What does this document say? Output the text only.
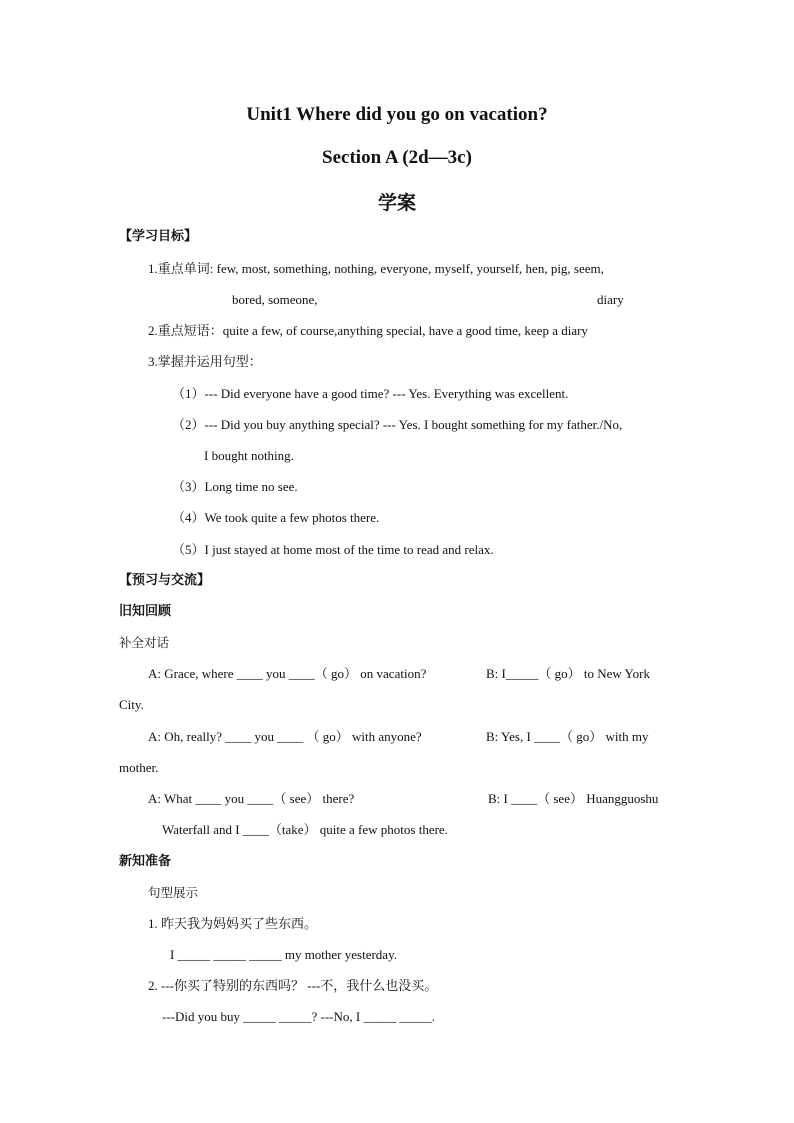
Unit1 Where did you go on vacation?
Section A (2d—3c)
学案
【学习目标】
1.重点单词: few, most, something, nothing, everyone, myself, yourself, hen, pig, seem,
bored, someone,	diary
2.重点短语：quite a few, of course,anything special, have a good time, keep a diary
3.掌握并运用句型：
（1）--- Did everyone have a good time? --- Yes. Everything was excellent.
（2）--- Did you buy anything special? --- Yes. I bought something for my father./No,
I bought nothing.
（3）Long time no see.
（4）We took quite a few photos there.
（5）I just stayed at home most of the time to read and relax.
【预习与交流】
旧知回顾
补全对话
A: Grace, where ____ you ____（ go） on vacation?	B: I_____（ go） to New York
City.
A: Oh, really? ____ you ____ （ go） with anyone?	B: Yes, I ____（ go） with my
mother.
A: What ____ you ____（ see） there?	B: I ____（ see） Huangguoshu
Waterfall and I ____（take） quite a few photos there.
新知准备
句型展示
1. 昨天我为妈妈买了些东西。
I _____ _____ _____ my mother yesterday.
2. ---你买了特别的东西吗？ ---不，我什么也没买。
---Did you buy _____ _____? ---No, I _____ _____.
